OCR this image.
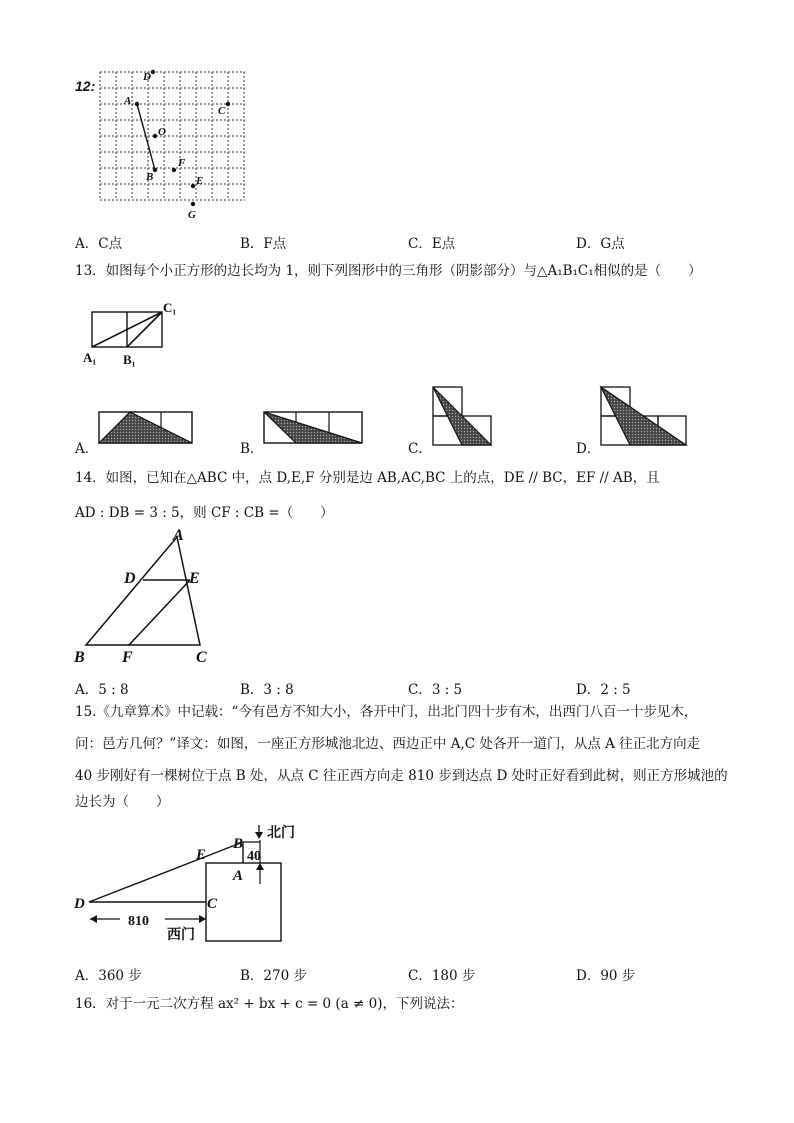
12:
A
B
C
D
O
F
E
G
A．C点	B．F点	C．E点	D．G点
13．如图每个小正方形的边长均为 1，则下列图形中的三角形（阴影部分）与△A₁B₁C₁相似的是（　　）
C₁
A₁ B₁
A．	B．	C．	D．
14．如图，已知在△ABC 中，点 D,E,F 分别是边 AB,AC,BC 上的点，DE // BC，EF // AB，且
AD : DB = 3 : 5，则 CF : CB =（　　）
A
D	E
B F	C
A．5 : 8	B．3 : 8	C．3 : 5	D．2 : 5
15.《九章算术》中记载：“今有邑方不知大小，各开中门，出北门四十步有木，出西门八百一十步见木，
问：邑方几何？”译文：如图，一座正方形城池北边、西边正中 A,C 处各开一道门，从点 A 往正北方向走
40 步刚好有一棵树位于点 B 处，从点 C 往正西方向走 810 步到达点 D 处时正好看到此树，则正方形城池的
边长为（　　）
D	C
E
B
A
北门
西门
40
810
A．360 步	B．270 步	C．180 步	D．90 步
16．对于一元二次方程 ax² + bx + c = 0 (a ≠ 0)，下列说法：
